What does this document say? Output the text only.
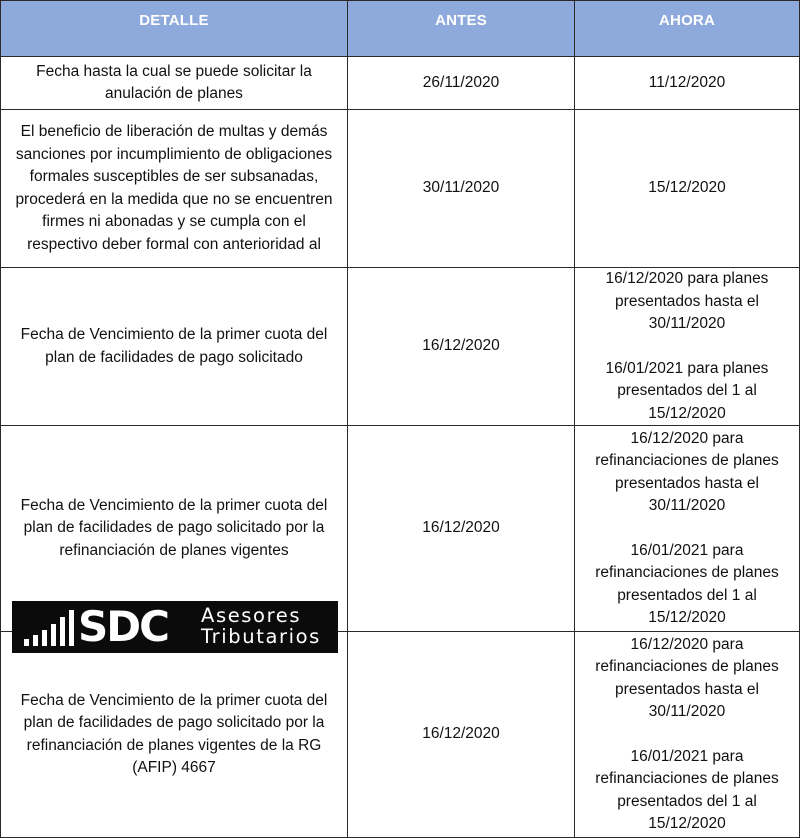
DETALLE	ANTES	AHORA
Fecha hasta la cual se puede solicitar la anulación de planes	26/11/2020	11/12/2020

El beneficio de liberación de multas y demás sanciones por incumplimiento de obligaciones formales susceptibles de ser subsanadas, procederá en la medida que no se encuentren firmes ni abonadas y se cumpla con el respectivo deber formal con anterioridad al	30/11/2020	15/12/2020

Fecha de Vencimiento de la primer cuota del plan de facilidades de pago solicitado	16/12/2020	16/12/2020 para planes presentados hasta el 30/11/2020
16/01/2021 para planes presentados del 1 al 15/12/2020

Fecha de Vencimiento de la primer cuota del plan de facilidades de pago solicitado por la refinanciación de planes vigentes	16/12/2020	16/12/2020 para refinanciaciones de planes presentados hasta el 30/11/2020
16/01/2021 para refinanciaciones de planes presentados del 1 al 15/12/2020

Fecha de Vencimiento de la primer cuota del plan de facilidades de pago solicitado por la refinanciación de planes vigentes de la RG (AFIP) 4667	16/12/2020	16/12/2020 para refinanciaciones de planes presentados hasta el 30/11/2020
16/01/2021 para refinanciaciones de planes presentados del 1 al 15/12/2020
SDC Asesores
Tributarios
